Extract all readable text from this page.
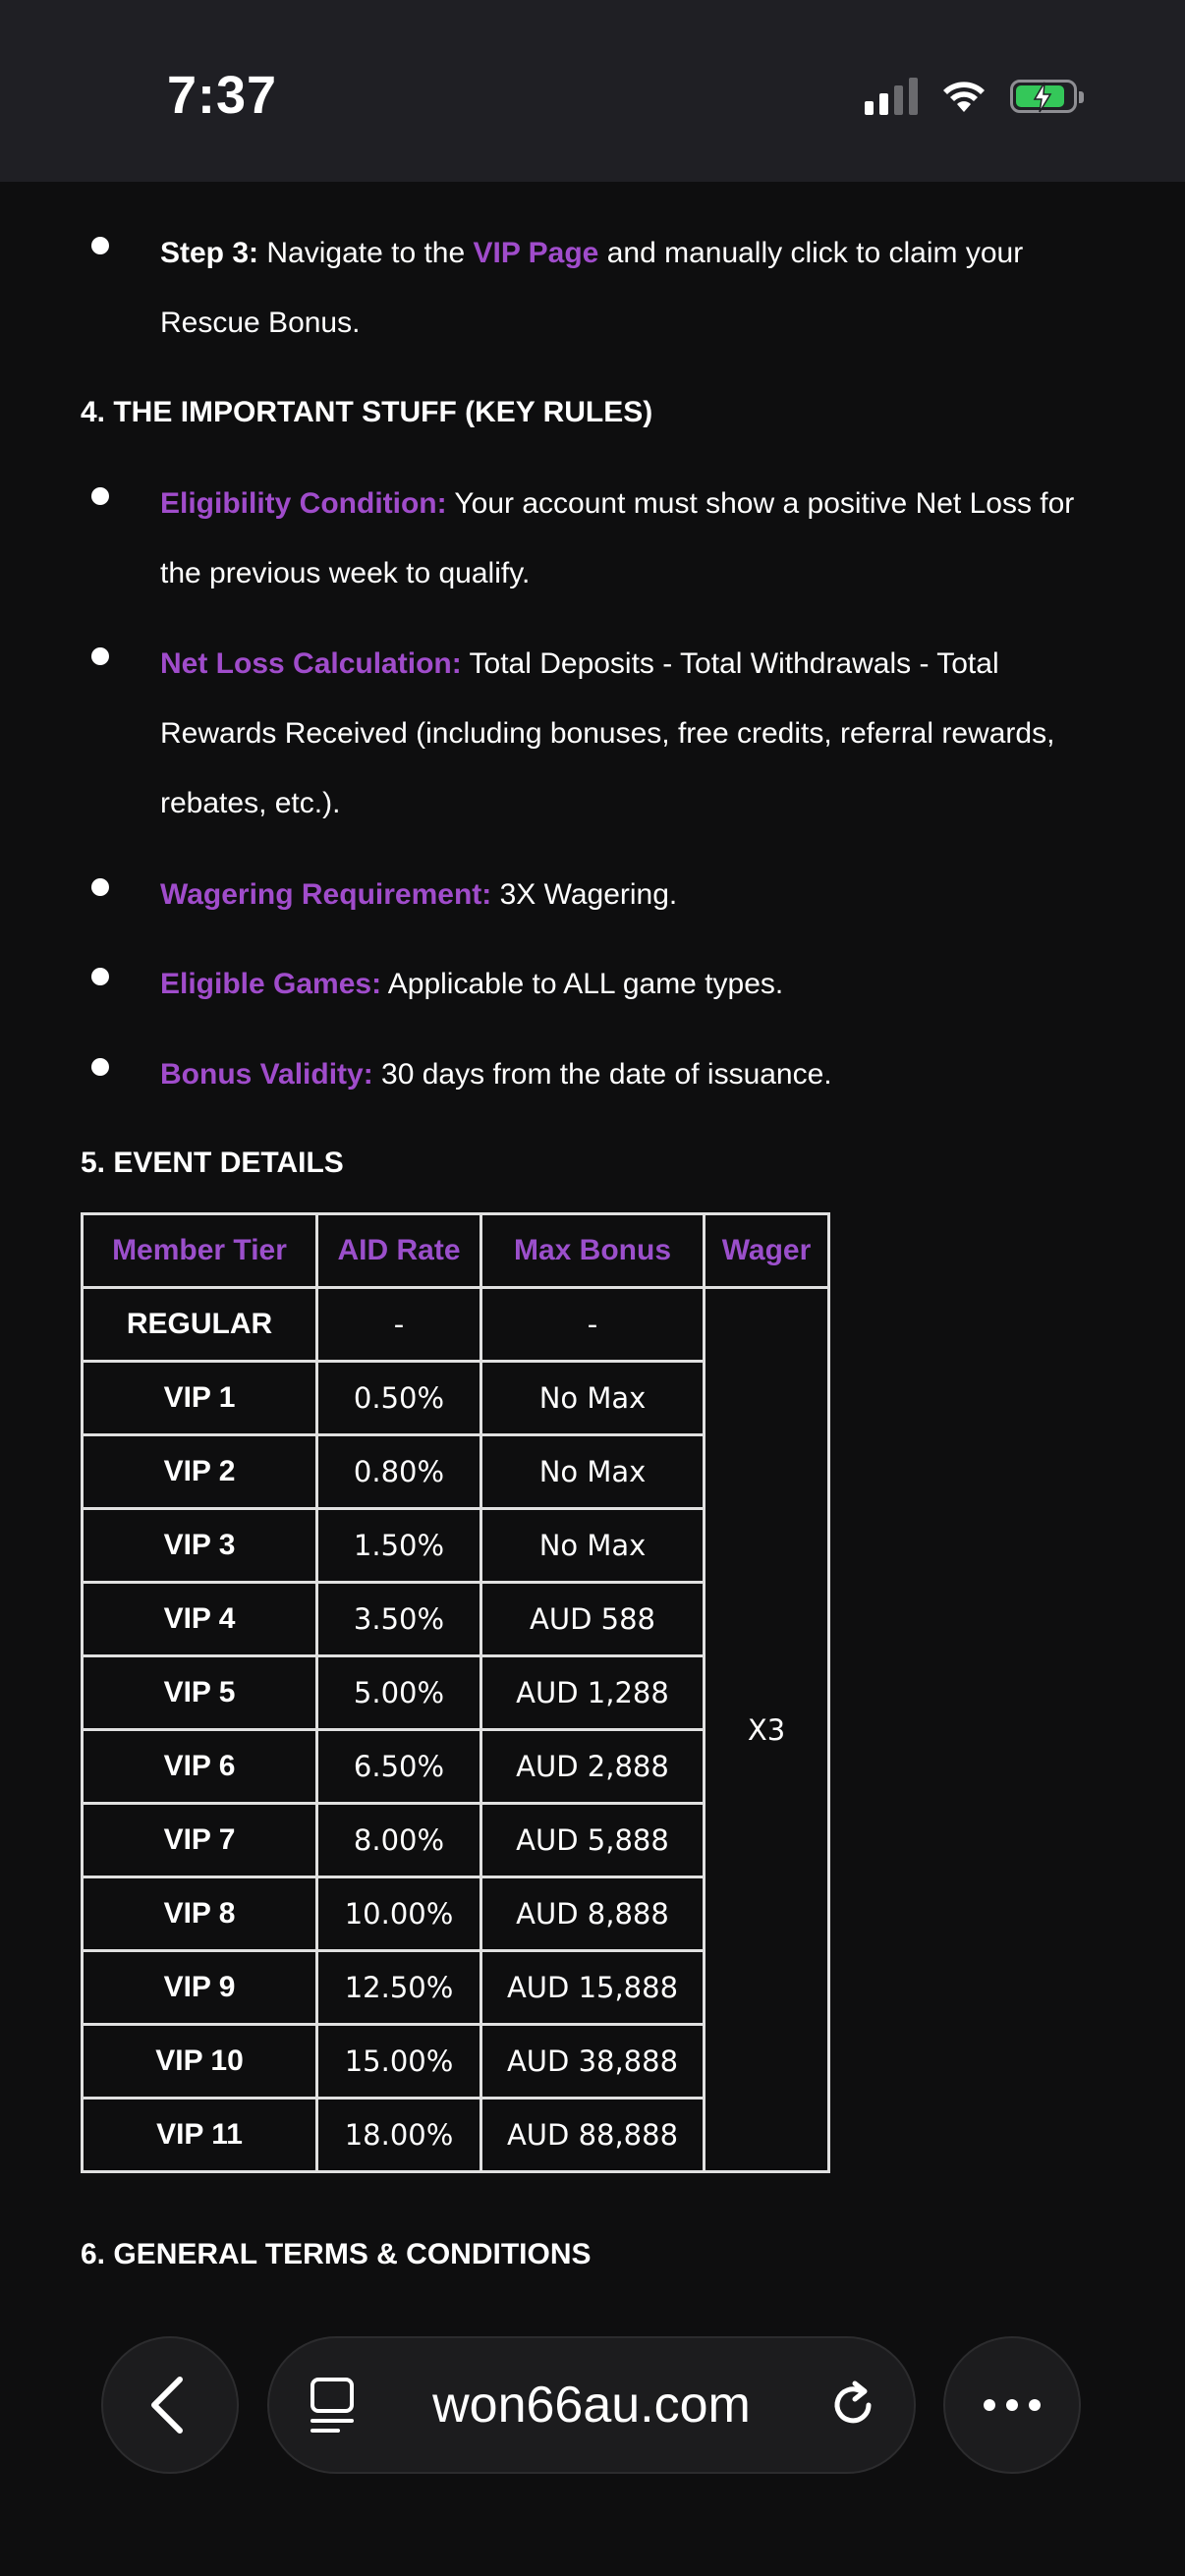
7:37
Step 3: Navigate to the VIP Page and manually click to claim your Rescue Bonus.
4. THE IMPORTANT STUFF (KEY RULES)
Eligibility Condition: Your account must show a positive Net Loss for the previous week to qualify.
Net Loss Calculation: Total Deposits - Total Withdrawals - Total Rewards Received (including bonuses, free credits, referral rewards, rebates, etc.).
Wagering Requirement: 3X Wagering.
Eligible Games: Applicable to ALL game types.
Bonus Validity: 30 days from the date of issuance.
5. EVENT DETAILS
Member Tier	AID Rate	Max Bonus	Wager
REGULAR	-	-	X3
VIP 1	0.50%	No Max	
VIP 2	0.80%	No Max	
VIP 3	1.50%	No Max	
VIP 4	3.50%	AUD 588	
VIP 5	5.00%	AUD 1,288	
VIP 6	6.50%	AUD 2,888	
VIP 7	8.00%	AUD 5,888	
VIP 8	10.00%	AUD 8,888	
VIP 9	12.50%	AUD 15,888	
VIP 10	15.00%	AUD 38,888	
VIP 11	18.00%	AUD 88,888	
6. GENERAL TERMS & CONDITIONS
won66au.com
